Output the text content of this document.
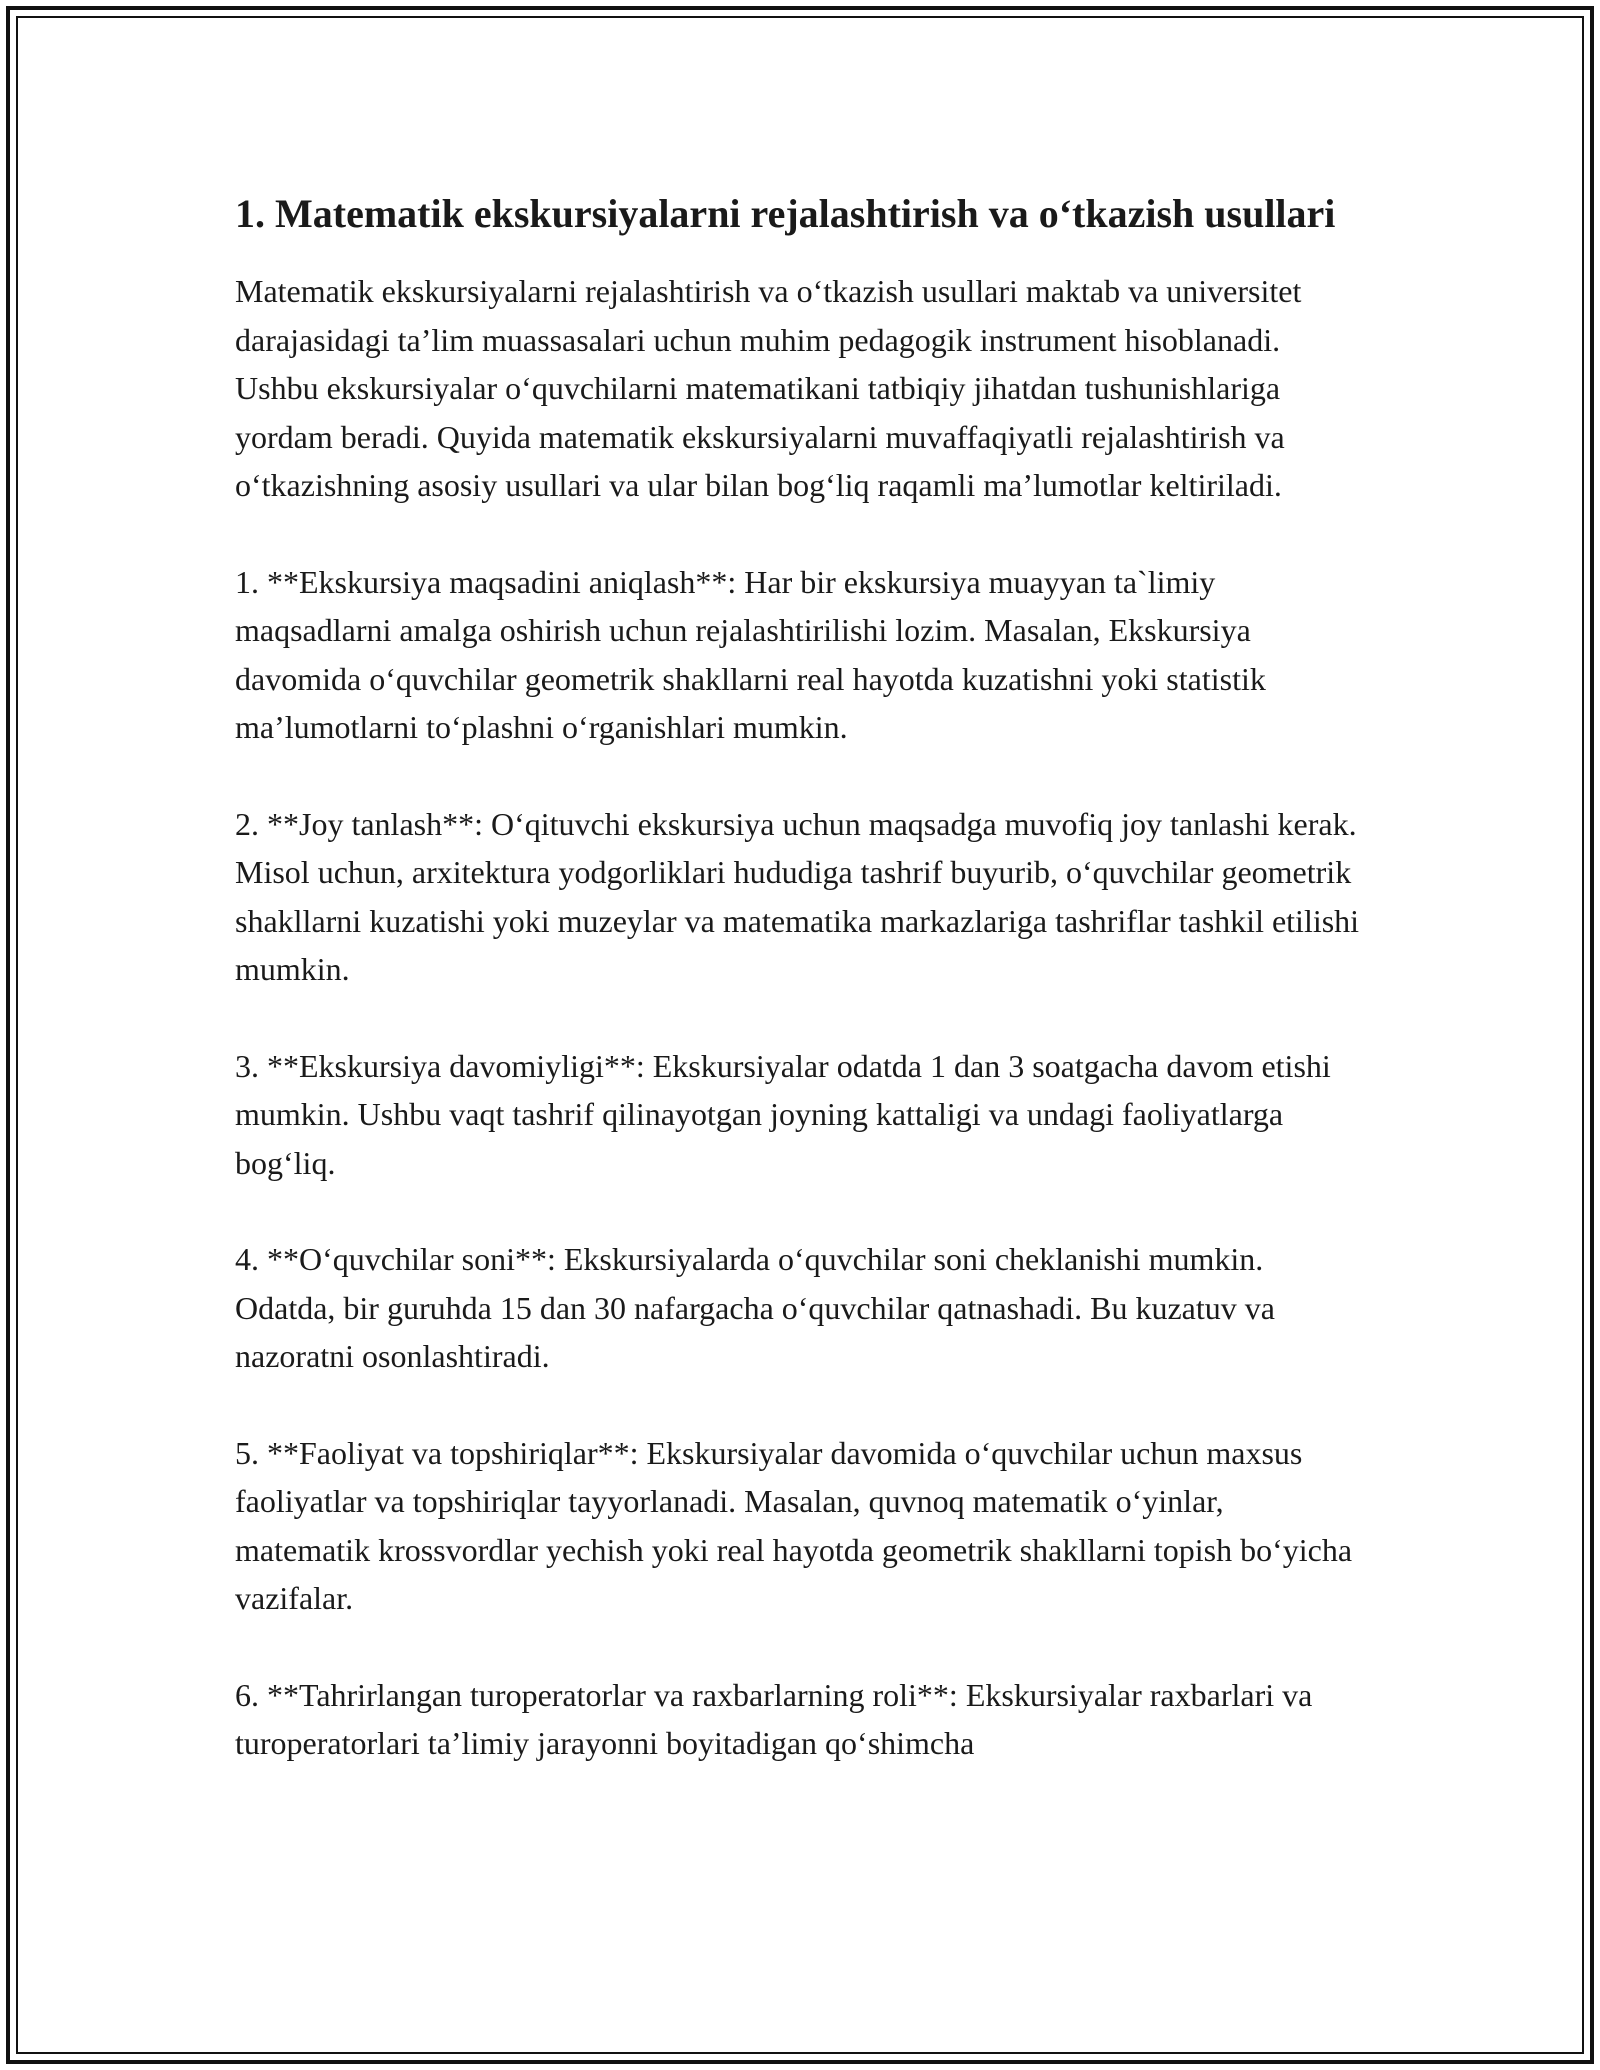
1. Matematik ekskursiyalarni rejalashtirish va o‘tkazish usullari

Matematik ekskursiyalarni rejalashtirish va o‘tkazish usullari maktab va universitet darajasidagi ta’lim muassasalari uchun muhim pedagogik instrument hisoblanadi. Ushbu ekskursiyalar o‘quvchilarni matematikani tatbiqiy jihatdan tushunishlariga yordam beradi. Quyida matematik ekskursiyalarni muvaffaqiyatli rejalashtirish va o‘tkazishning asosiy usullari va ular bilan bog‘liq raqamli ma’lumotlar keltiriladi.

1. **Ekskursiya maqsadini aniqlash**: Har bir ekskursiya muayyan ta`limiy maqsadlarni amalga oshirish uchun rejalashtirilishi lozim. Masalan, Ekskursiya davomida o‘quvchilar geometrik shakllarni real hayotda kuzatishni yoki statistik ma’lumotlarni to‘plashni o‘rganishlari mumkin.

2. **Joy tanlash**: O‘qituvchi ekskursiya uchun maqsadga muvofiq joy tanlashi kerak. Misol uchun, arxitektura yodgorliklari hududiga tashrif buyurib, o‘quvchilar geometrik shakllarni kuzatishi yoki muzeylar va matematika markazlariga tashriflar tashkil etilishi mumkin.

3. **Ekskursiya davomiyligi**: Ekskursiyalar odatda 1 dan 3 soatgacha davom etishi mumkin. Ushbu vaqt tashrif qilinayotgan joyning kattaligi va undagi faoliyatlarga bog‘liq.

4. **O‘quvchilar soni**: Ekskursiyalarda o‘quvchilar soni cheklanishi mumkin. Odatda, bir guruhda 15 dan 30 nafargacha o‘quvchilar qatnashadi. Bu kuzatuv va nazoratni osonlashtiradi.

5. **Faoliyat va topshiriqlar**: Ekskursiyalar davomida o‘quvchilar uchun maxsus faoliyatlar va topshiriqlar tayyorlanadi. Masalan, quvnoq matematik o‘yinlar, matematik krossvordlar yechish yoki real hayotda geometrik shakllarni topish bo‘yicha vazifalar.

6. **Tahrirlangan turoperatorlar va raxbarlarning roli**: Ekskursiyalar raxbarlari va turoperatorlari ta’limiy jarayonni boyitadigan qo‘shimcha
